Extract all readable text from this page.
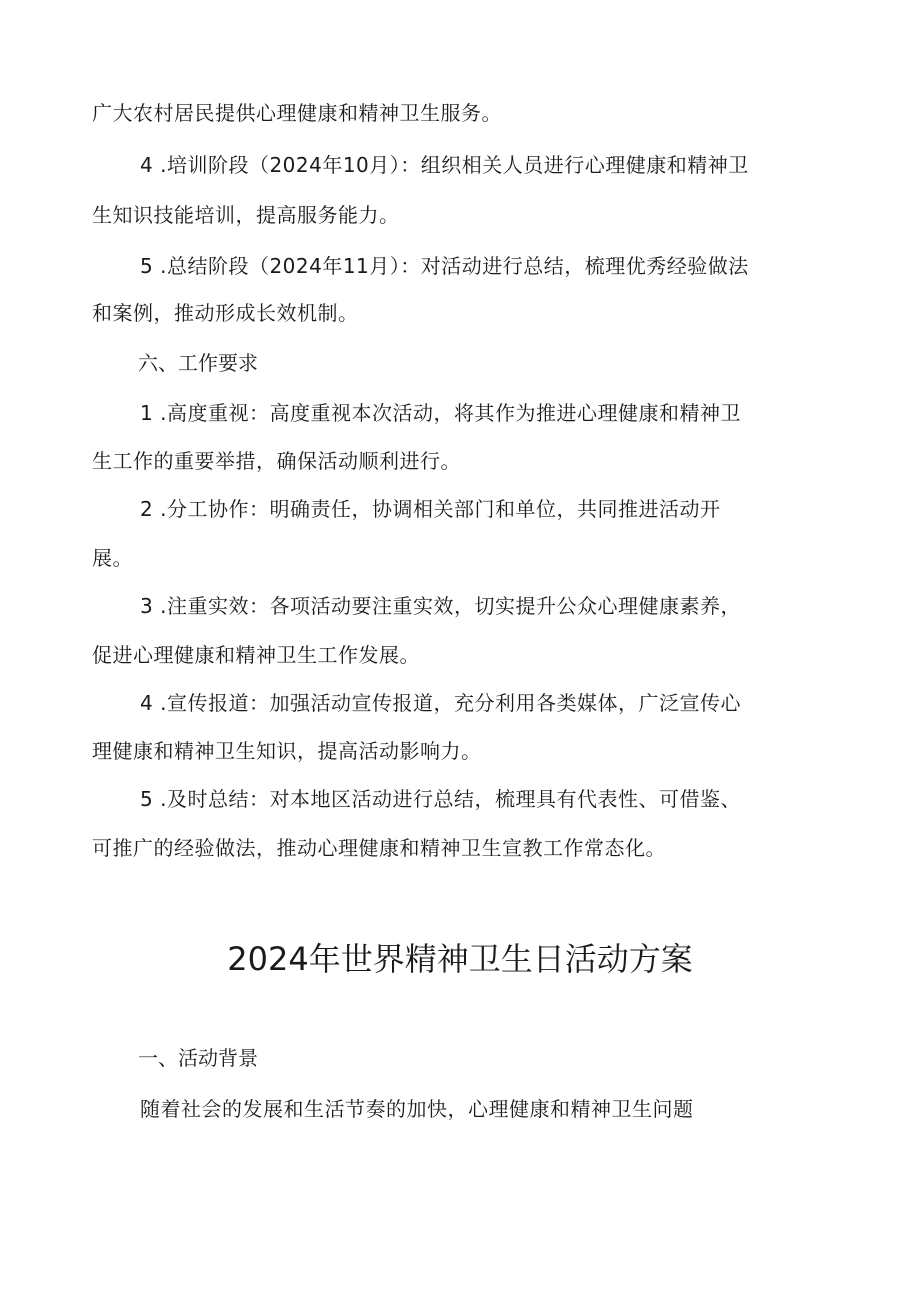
广大农村居民提供心理健康和精神卫生服务。
4 .培训阶段（2024年10月）：组织相关人员进行心理健康和精神卫
生知识技能培训，提高服务能力。
5 .总结阶段（2024年11月）：对活动进行总结，梳理优秀经验做法
和案例，推动形成长效机制。
六、工作要求
1 .高度重视：高度重视本次活动，将其作为推进心理健康和精神卫
生工作的重要举措，确保活动顺利进行。
2 .分工协作：明确责任，协调相关部门和单位，共同推进活动开
展。
3 .注重实效：各项活动要注重实效，切实提升公众心理健康素养，
促进心理健康和精神卫生工作发展。
4 .宣传报道：加强活动宣传报道，充分利用各类媒体，广泛宣传心
理健康和精神卫生知识，提高活动影响力。
5 .及时总结：对本地区活动进行总结，梳理具有代表性、可借鉴、
可推广的经验做法，推动心理健康和精神卫生宣教工作常态化。
2024年世界精神卫生日活动方案
一、活动背景
随着社会的发展和生活节奏的加快，心理健康和精神卫生问题
